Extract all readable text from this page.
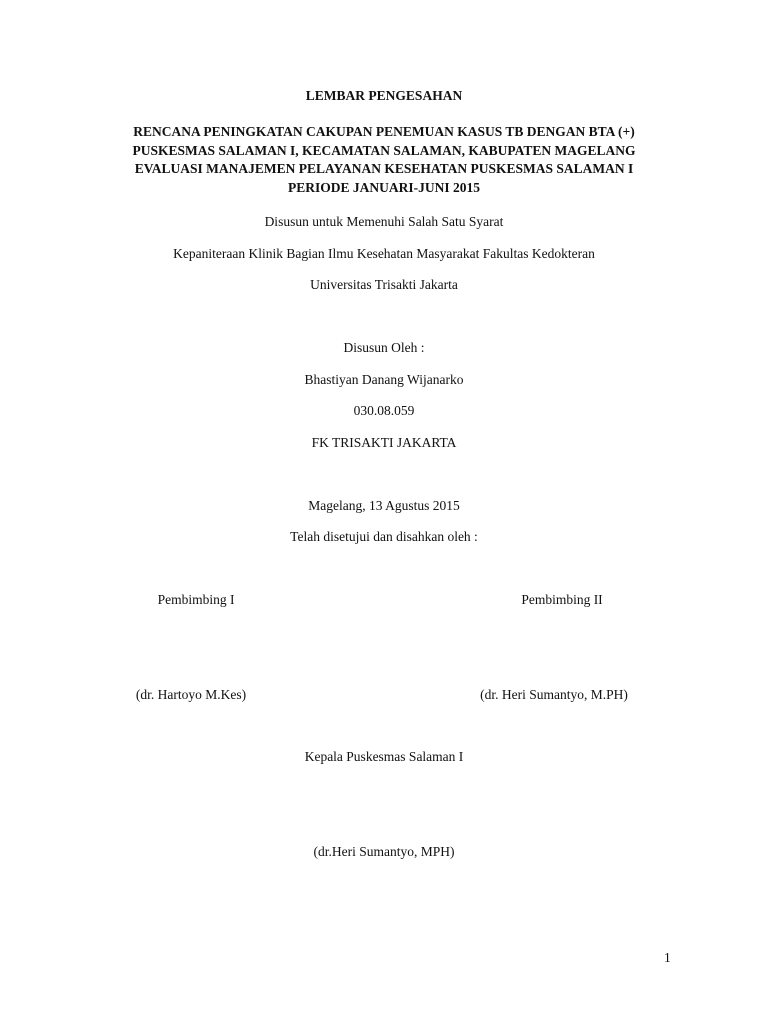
LEMBAR PENGESAHAN
RENCANA PENINGKATAN CAKUPAN PENEMUAN KASUS TB DENGAN BTA (+)
PUSKESMAS SALAMAN I, KECAMATAN SALAMAN, KABUPATEN MAGELANG
EVALUASI MANAJEMEN PELAYANAN KESEHATAN PUSKESMAS SALAMAN I
PERIODE JANUARI-JUNI 2015
Disusun untuk Memenuhi Salah Satu Syarat
Kepaniteraan Klinik Bagian Ilmu Kesehatan Masyarakat Fakultas Kedokteran
Universitas Trisakti Jakarta
Disusun Oleh :
Bhastiyan Danang Wijanarko
030.08.059
FK TRISAKTI JAKARTA
Magelang, 13 Agustus 2015
Telah disetujui dan disahkan oleh :
Pembimbing I	Pembimbing II
(dr. Hartoyo M.Kes)	(dr. Heri Sumantyo, M.PH)
Kepala Puskesmas Salaman I
(dr.Heri Sumantyo, MPH)
1
